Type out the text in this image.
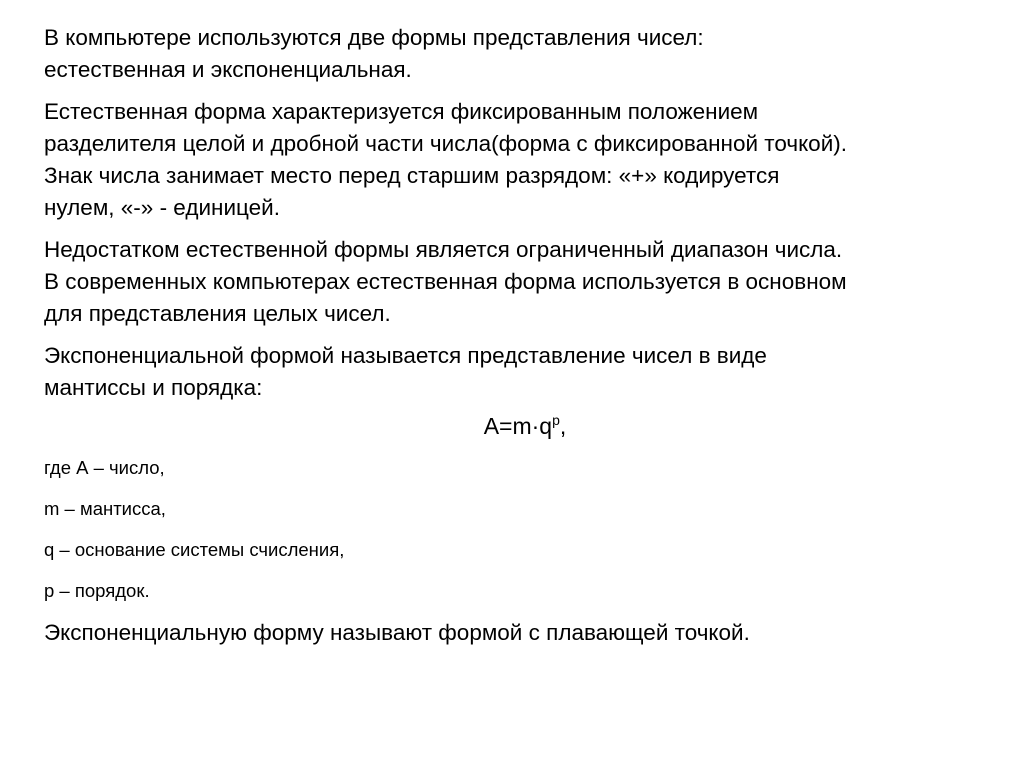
В компьютере используются две формы представления чисел:
естественная и экспоненциальная.
Естественная форма характеризуется фиксированным положением
разделителя целой и дробной части числа(форма с фиксированной точкой).
Знак числа занимает место перед старшим разрядом: «+» кодируется
нулем, «-» - единицей.
Недостатком естественной формы является ограниченный диапазон числа.
В современных компьютерах естественная форма используется в основном
для представления целых чисел.
Экспоненциальной формой называется представление чисел в виде
мантиссы и порядка:
$A=m\cdot q^p$,
где А – число,
m – мантисса,
q – основание системы счисления,
p – порядок.
Экспоненциальную форму называют формой с плавающей точкой.
